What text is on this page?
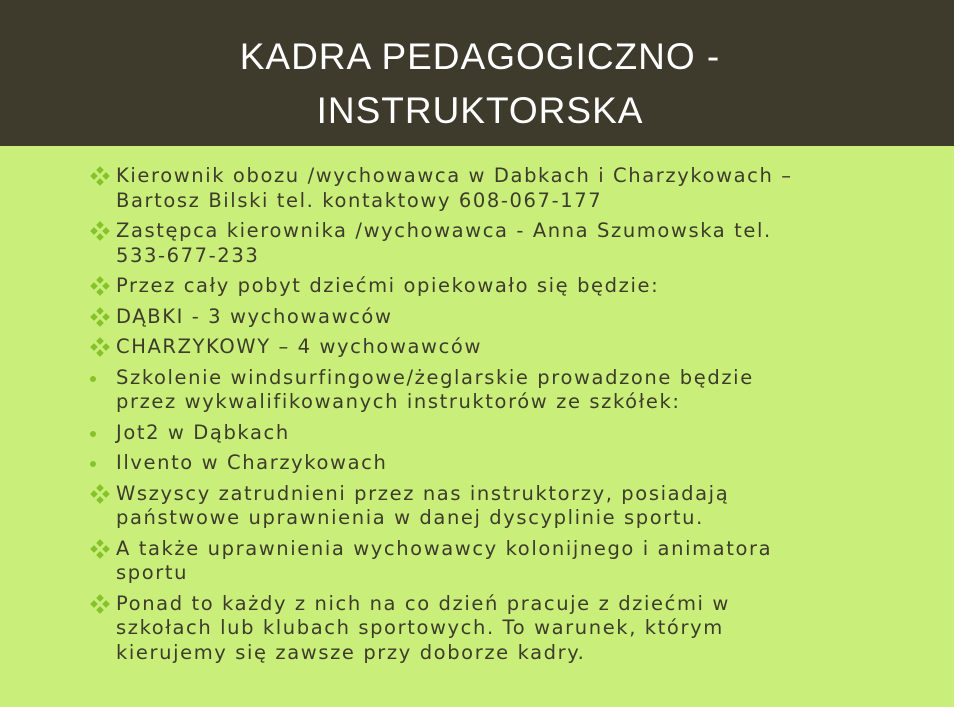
KADRA PEDAGOGICZNO -
INSTRUKTORSKA
Kierownik obozu /wychowawca w Dabkach i Charzykowach –
Bartosz Bilski tel. kontaktowy 608-067-177
Zastępca kierownika /wychowawca - Anna Szumowska tel.
533-677-233
Przez cały pobyt dziećmi opiekowało się będzie:
DĄBKI - 3 wychowawców
CHARZYKOWY – 4 wychowawców
Szkolenie windsurfingowe/żeglarskie prowadzone będzie
przez wykwalifikowanych instruktorów ze szkółek:
Jot2 w Dąbkach
Ilvento w Charzykowach
Wszyscy zatrudnieni przez nas instruktorzy, posiadają
państwowe uprawnienia w danej dyscyplinie sportu.
A także uprawnienia wychowawcy kolonijnego i animatora
sportu
Ponad to każdy z nich na co dzień pracuje z dziećmi w
szkołach lub klubach sportowych. To warunek, którym
kierujemy się zawsze przy doborze kadry.
